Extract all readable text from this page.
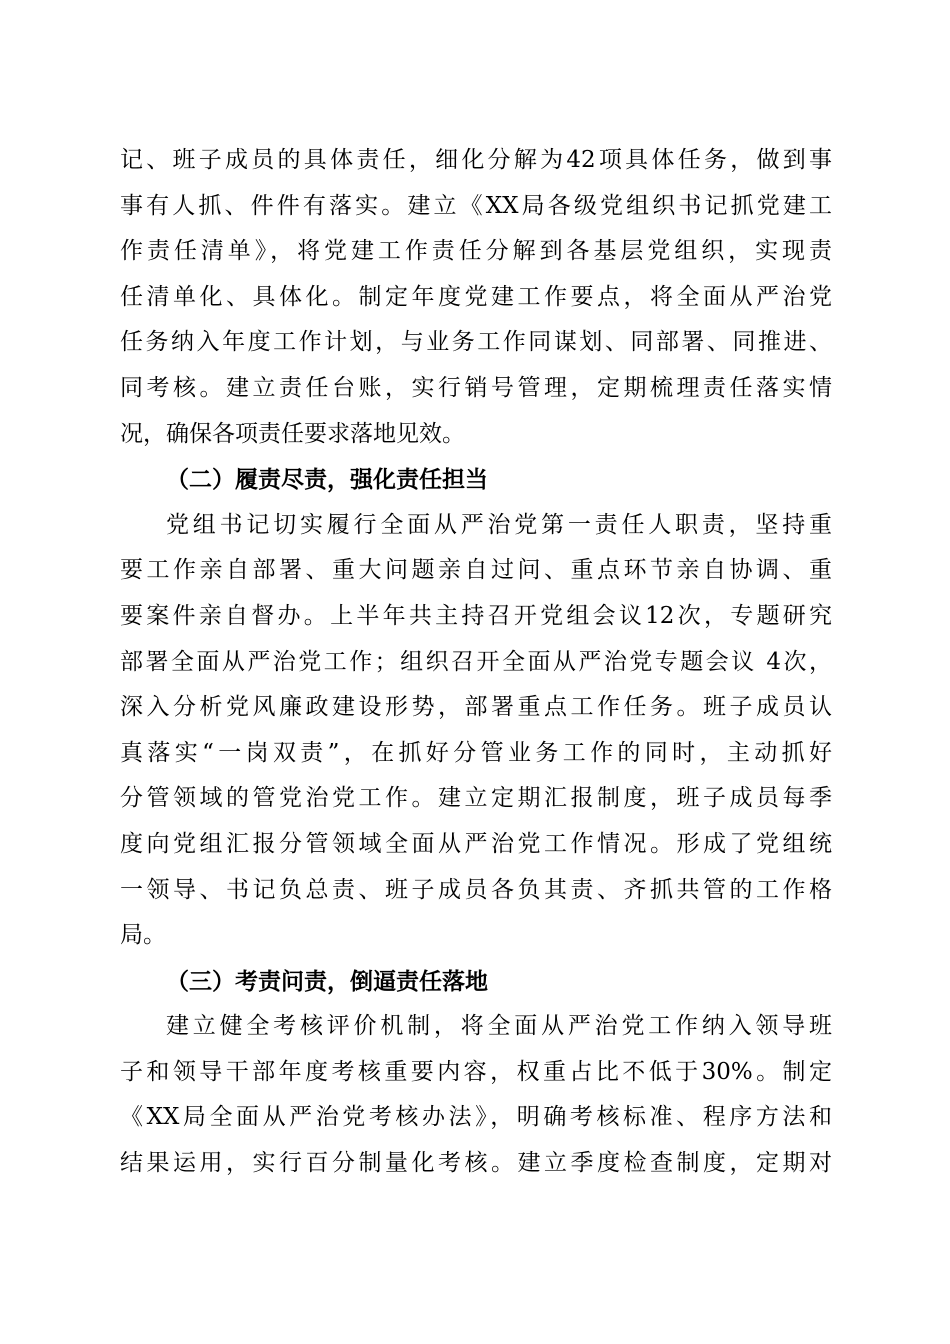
记、班子成员的具体责任，细化分解为42项具体任务，做到事
事有人抓、件件有落实。建立《XX局各级党组织书记抓党建工
作责任清单》，将党建工作责任分解到各基层党组织，实现责
任清单化、具体化。制定年度党建工作要点，将全面从严治党
任务纳入年度工作计划，与业务工作同谋划、同部署、同推进、
同考核。建立责任台账，实行销号管理，定期梳理责任落实情
况，确保各项责任要求落地见效。
（二）履责尽责，强化责任担当
党组书记切实履行全面从严治党第一责任人职责，坚持重
要工作亲自部署、重大问题亲自过问、重点环节亲自协调、重
要案件亲自督办。上半年共主持召开党组会议12次，专题研究
部署全面从严治党工作；组织召开全面从严治党专题会议 4次，
深入分析党风廉政建设形势，部署重点工作任务。班子成员认
真落实“一岗双责”，在抓好分管业务工作的同时，主动抓好
分管领域的管党治党工作。建立定期汇报制度，班子成员每季
度向党组汇报分管领域全面从严治党工作情况。形成了党组统
一领导、书记负总责、班子成员各负其责、齐抓共管的工作格
局。
（三）考责问责，倒逼责任落地
建立健全考核评价机制，将全面从严治党工作纳入领导班
子和领导干部年度考核重要内容，权重占比不低于30%。制定
《XX局全面从严治党考核办法》，明确考核标准、程序方法和
结果运用，实行百分制量化考核。建立季度检查制度，定期对
